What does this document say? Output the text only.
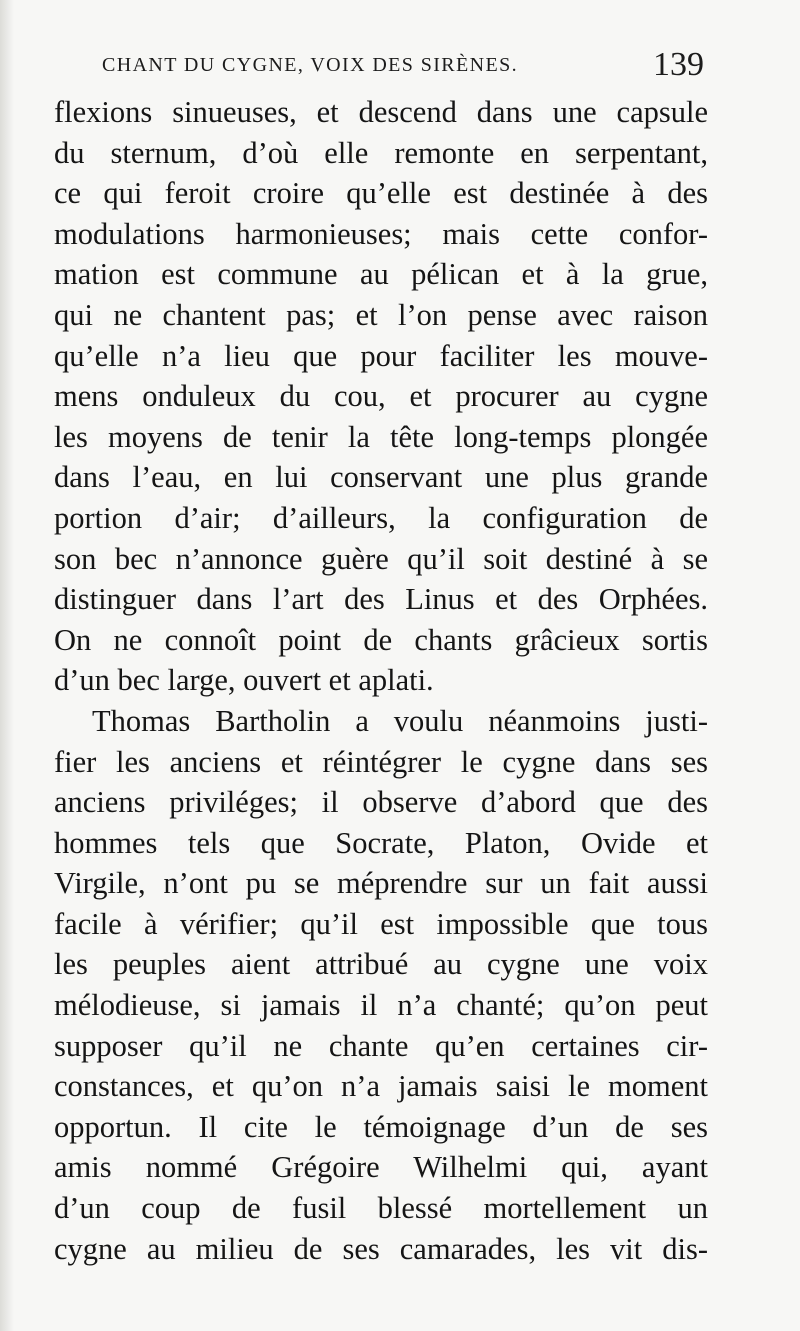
CHANT DU CYGNE, VOIX DES SIRÈNES.	139
flexions sinueuses, et descend dans une capsule
du sternum, d’où elle remonte en serpentant,
ce qui feroit croire qu’elle est destinée à des
modulations harmonieuses; mais cette confor-
mation est commune au pélican et à la grue,
qui ne chantent pas; et l’on pense avec raison
qu’elle n’a lieu que pour faciliter les mouve-
mens onduleux du cou, et procurer au cygne
les moyens de tenir la tête long-temps plongée
dans l’eau, en lui conservant une plus grande
portion d’air; d’ailleurs, la configuration de
son bec n’annonce guère qu’il soit destiné à se
distinguer dans l’art des Linus et des Orphées.
On ne connoît point de chants grâcieux sortis
d’un bec large, ouvert et aplati.
Thomas Bartholin a voulu néanmoins justi-
fier les anciens et réintégrer le cygne dans ses
anciens priviléges; il observe d’abord que des
hommes tels que Socrate, Platon, Ovide et
Virgile, n’ont pu se méprendre sur un fait aussi
facile à vérifier; qu’il est impossible que tous
les peuples aient attribué au cygne une voix
mélodieuse, si jamais il n’a chanté; qu’on peut
supposer qu’il ne chante qu’en certaines cir-
constances, et qu’on n’a jamais saisi le moment
opportun. Il cite le témoignage d’un de ses
amis nommé Grégoire Wilhelmi qui, ayant
d’un coup de fusil blessé mortellement un
cygne au milieu de ses camarades, les vit dis-
